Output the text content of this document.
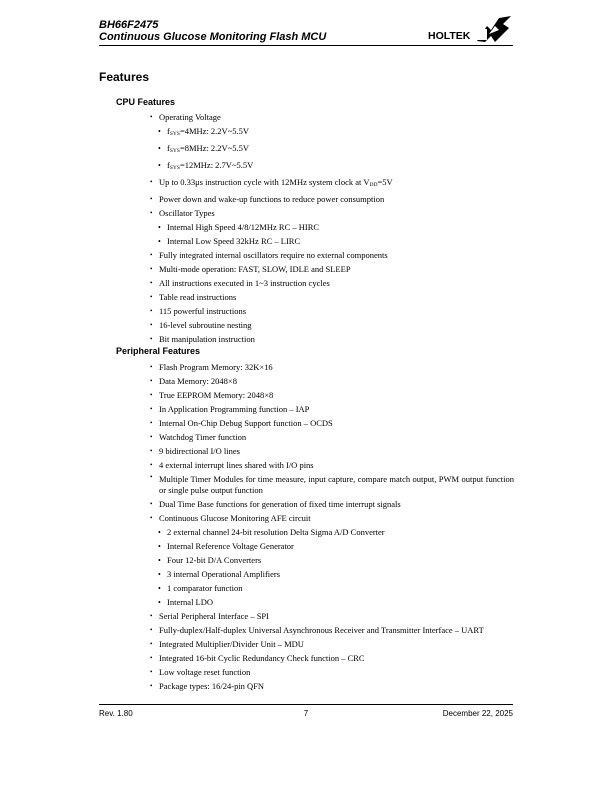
BH66F2475
Continuous Glucose Monitoring Flash MCU	HOLTEK
Features
CPU Features
• Operating Voltage
• fSYS=4MHz: 2.2V~5.5V
• fSYS=8MHz: 2.2V~5.5V
• fSYS=12MHz: 2.7V~5.5V
• Up to 0.33μs instruction cycle with 12MHz system clock at VDD=5V
• Power down and wake-up functions to reduce power consumption
• Oscillator Types
• Internal High Speed 4/8/12MHz RC – HIRC
• Internal Low Speed 32kHz RC – LIRC
• Fully integrated internal oscillators require no external components
• Multi-mode operation: FAST, SLOW, IDLE and SLEEP
• All instructions executed in 1~3 instruction cycles
• Table read instructions
• 115 powerful instructions
• 16-level subroutine nesting
• Bit manipulation instruction
Peripheral Features
• Flash Program Memory: 32K×16
• Data Memory: 2048×8
• True EEPROM Memory: 2048×8
• In Application Programming function – IAP
• Internal On-Chip Debug Support function – OCDS
• Watchdog Timer function
• 9 bidirectional I/O lines
• 4 external interrupt lines shared with I/O pins
• Multiple Timer Modules for time measure, input capture, compare match output, PWM output function or single pulse output function
• Dual Time Base functions for generation of fixed time interrupt signals
• Continuous Glucose Monitoring AFE circuit
• 2 external channel 24-bit resolution Delta Sigma A/D Converter
• Internal Reference Voltage Generator
• Four 12-bit D/A Converters
• 3 internal Operational Amplifiers
• 1 comparator function
• Internal LDO
• Serial Peripheral Interface – SPI
• Fully-duplex/Half-duplex Universal Asynchronous Receiver and Transmitter Interface – UART
• Integrated Multiplier/Divider Unit – MDU
• Integrated 16-bit Cyclic Redundancy Check function – CRC
• Low voltage reset function
• Package types: 16/24-pin QFN
Rev. 1.80	7	December 22, 2025
